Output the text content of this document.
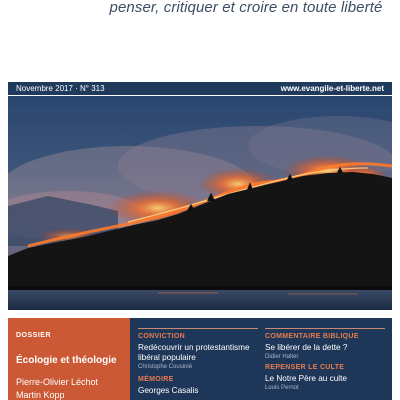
penser, critiquer et croire en toute liberté
Novembre 2017 · N° 313	www.evangile-et-liberte.net
DOSSIER
Écologie et théologie
Pierre-Olivier Léchot
Martin Kopp
CONVICTION
Redécouvrir un protestantisme
libéral populaire
Christophe Cousinié
MÉMOIRE
Georges Casalis
COMMENTAIRE BIBLIQUE
Se libérer de la dette ?
Didier Halter
REPENSER LE CULTE
Le Notre Père au culte
Louis Pernot
